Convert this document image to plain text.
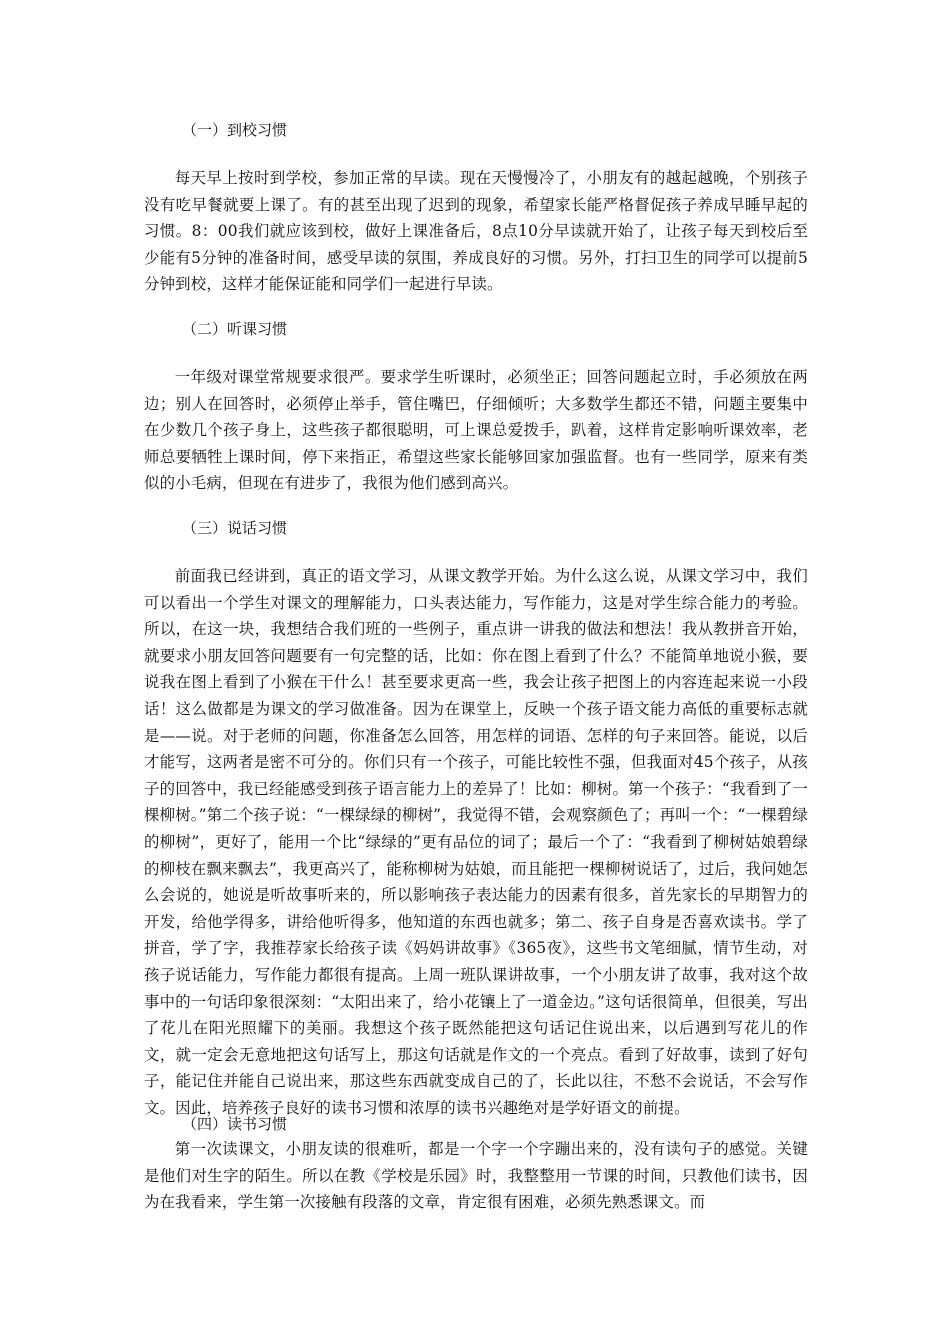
（一）到校习惯

每天早上按时到学校，参加正常的早读。现在天慢慢冷了，小朋友有的越起越晚，个别孩子没有吃早餐就要上课了。有的甚至出现了迟到的现象，希望家长能严格督促孩子养成早睡早起的习惯。8：00我们就应该到校，做好上课准备后，8点10分早读就开始了，让孩子每天到校后至少能有5分钟的准备时间，感受早读的氛围，养成良好的习惯。另外，打扫卫生的同学可以提前5分钟到校，这样才能保证能和同学们一起进行早读。

（二）听课习惯

一年级对课堂常规要求很严。要求学生听课时，必须坐正；回答问题起立时，手必须放在两边；别人在回答时，必须停止举手，管住嘴巴，仔细倾听；大多数学生都还不错，问题主要集中在少数几个孩子身上，这些孩子都很聪明，可上课总爱拨手，趴着，这样肯定影响听课效率，老师总要牺牲上课时间，停下来指正，希望这些家长能够回家加强监督。也有一些同学，原来有类似的小毛病，但现在有进步了，我很为他们感到高兴。

（三）说话习惯

前面我已经讲到，真正的语文学习，从课文教学开始。为什么这么说，从课文学习中，我们可以看出一个学生对课文的理解能力，口头表达能力，写作能力，这是对学生综合能力的考验。所以，在这一块，我想结合我们班的一些例子，重点讲一讲我的做法和想法！我从教拼音开始，就要求小朋友回答问题要有一句完整的话，比如：你在图上看到了什么？不能简单地说小猴，要说我在图上看到了小猴在干什么！甚至要求更高一些，我会让孩子把图上的内容连起来说一小段话！这么做都是为课文的学习做准备。因为在课堂上，反映一个孩子语文能力高低的重要标志就是——说。对于老师的问题，你准备怎么回答，用怎样的词语、怎样的句子来回答。能说，以后才能写，这两者是密不可分的。你们只有一个孩子，可能比较性不强，但我面对45个孩子，从孩子的回答中，我已经能感受到孩子语言能力上的差异了！比如：柳树。第一个孩子：“我看到了一棵柳树。”第二个孩子说：“一棵绿绿的柳树”，我觉得不错，会观察颜色了；再叫一个：“一棵碧绿的柳树”，更好了，能用一个比“绿绿的”更有品位的词了；最后一个了：“我看到了柳树姑娘碧绿的柳枝在飘来飘去”，我更高兴了，能称柳树为姑娘，而且能把一棵柳树说话了，过后，我问她怎么会说的，她说是听故事听来的，所以影响孩子表达能力的因素有很多，首先家长的早期智力的开发，给他学得多，讲给他听得多，他知道的东西也就多；第二、孩子自身是否喜欢读书。学了拼音，学了字，我推荐家长给孩子读《妈妈讲故事》《365夜》，这些书文笔细腻，情节生动，对孩子说话能力，写作能力都很有提高。上周一班队课讲故事，一个小朋友讲了故事，我对这个故事中的一句话印象很深刻：“太阳出来了，给小花镶上了一道金边。”这句话很简单，但很美，写出了花儿在阳光照耀下的美丽。我想这个孩子既然能把这句话记住说出来，以后遇到写花儿的作文，就一定会无意地把这句话写上，那这句话就是作文的一个亮点。看到了好故事，读到了好句子，能记住并能自己说出来，那这些东西就变成自己的了，长此以往，不愁不会说话，不会写作文。因此，培养孩子良好的读书习惯和浓厚的读书兴趣绝对是学好语文的前提。

（四）读书习惯

第一次读课文，小朋友读的很难听，都是一个字一个字蹦出来的，没有读句子的感觉。关键是他们对生字的陌生。所以在教《学校是乐园》时，我整整用一节课的时间，只教他们读书，因为在我看来，学生第一次接触有段落的文章，肯定很有困难，必须先熟悉课文。而
